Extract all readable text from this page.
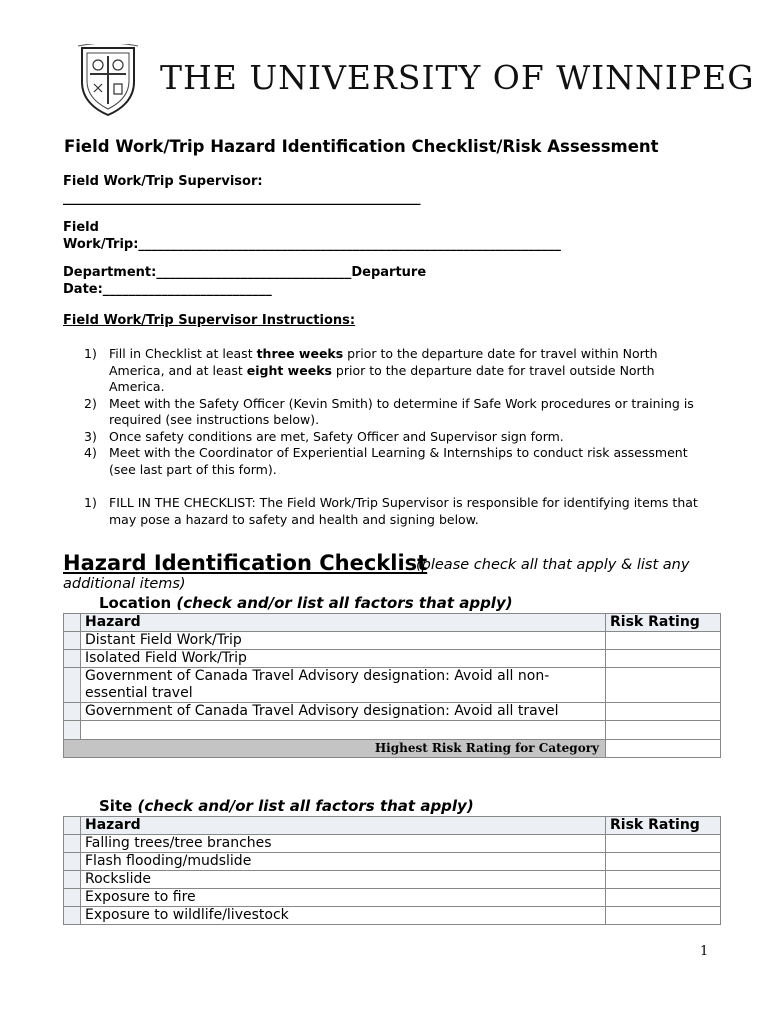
THE UNIVERSITY OF WINNIPEG
Field Work/Trip Hazard Identification Checklist/Risk Assessment
Field Work/Trip Supervisor:
_______________________________________________________
Field
Work/Trip:_________________________________________________________________
Department:______________________________Departure
Date:__________________________
Field Work/Trip Supervisor Instructions:
1) Fill in Checklist at least three weeks prior to the departure date for travel within North America, and at least eight weeks prior to the departure date for travel outside North America.
2) Meet with the Safety Officer (Kevin Smith) to determine if Safe Work procedures or training is required (see instructions below).
3) Once safety conditions are met, Safety Officer and Supervisor sign form.
4) Meet with the Coordinator of Experiential Learning & Internships to conduct risk assessment (see last part of this form).
1) FILL IN THE CHECKLIST: The Field Work/Trip Supervisor is responsible for identifying items that may pose a hazard to safety and health and signing below.
Hazard Identification Checklist
(please check all that apply & list any
additional items)
Location (check and/or list all factors that apply)
	Hazard	Risk Rating
	Distant Field Work/Trip	
	Isolated Field Work/Trip	
	Government of Canada Travel Advisory designation: Avoid all non-essential travel	
	Government of Canada Travel Advisory designation: Avoid all travel	

Highest Risk Rating for Category		
Site (check and/or list all factors that apply)
	Hazard	Risk Rating
	Falling trees/tree branches	
	Flash flooding/mudslide	
	Rockslide	
	Exposure to fire	
	Exposure to wildlife/livestock	
1
